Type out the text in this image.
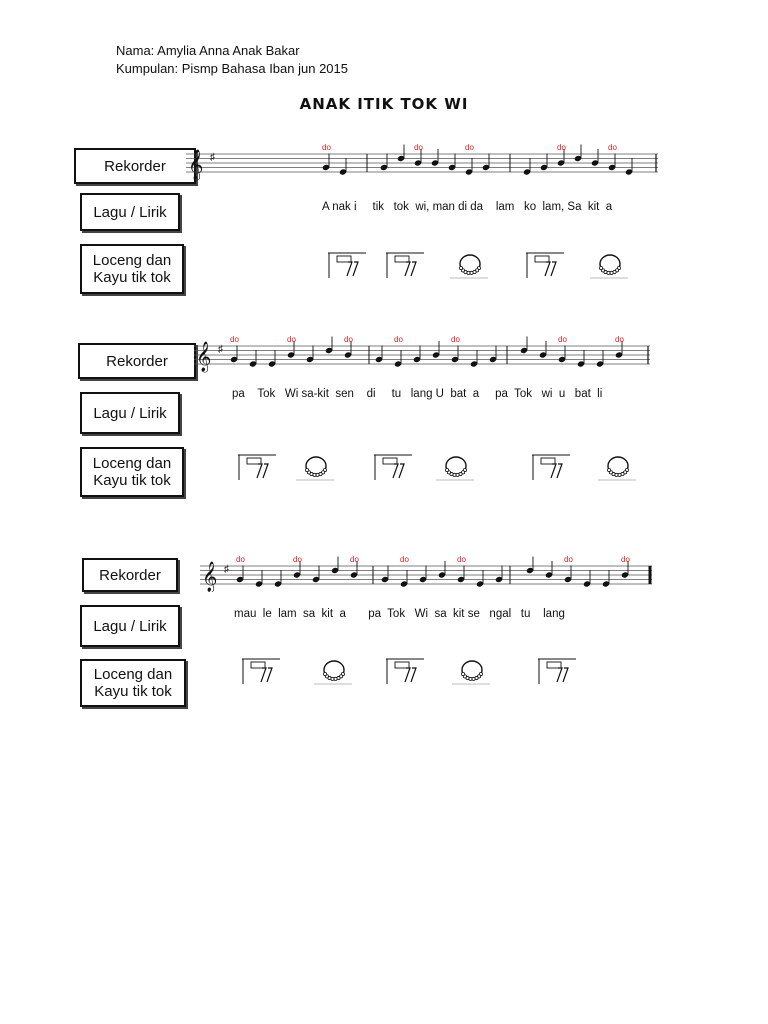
Nama: Amylia Anna Anak Bakar
Kumpulan: Pismp Bahasa Iban jun 2015
ANAK ITIK TOK WI
Rekorder
Lagu / Lirik
Loceng dan
Kayu tik tok
𝄞 ♯
do	do	do	do	do
A nak i     tik   tok  wi, man di da    lam   ko  lam, Sa  kit  a
Rekorder
Lagu / Lirik
Loceng dan
Kayu tik tok
𝄞 ♯
do	do	do	do	do	do	do
pa    Tok   Wi sa-kit  sen    di     tu   lang U  bat  a     pa  Tok   wi  u   bat  li
Rekorder
Lagu / Lirik
Loceng dan
Kayu tik tok
𝄞 ♯
do	do	do	do	do	do	do
mau  le  lam  sa  kit  a       pa  Tok   Wi  sa  kit se   ngal   tu    lang
